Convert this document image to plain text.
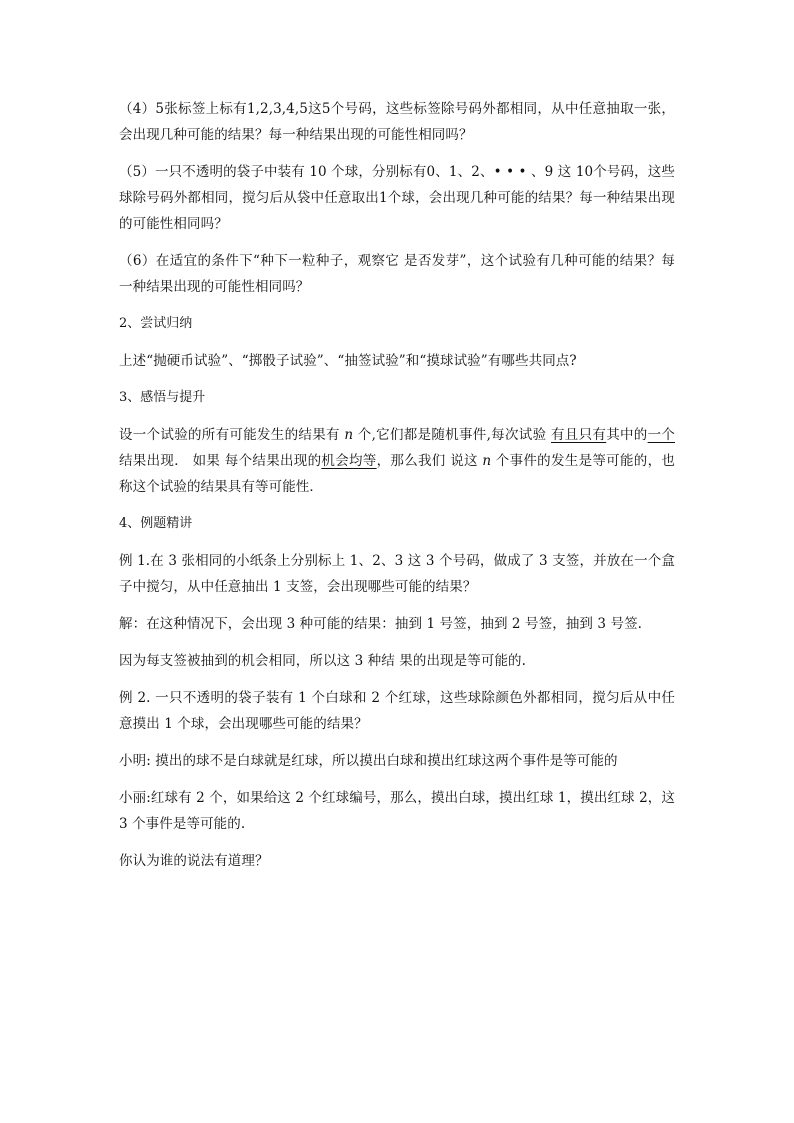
（4）5张标签上标有1,2,3,4,5这5个号码，这些标签除号码外都相同，从中任意抽取一张，会出现几种可能的结果？每一种结果出现的可能性相同吗？

（5）一只不透明的袋子中装有 10 个球，分别标有0、1、2、• • • 、9 这 10个号码，这些球除号码外都相同，搅匀后从袋中任意取出1个球，会出现几种可能的结果？每一种结果出现的可能性相同吗？

（6）在适宜的条件下“种下一粒种子，观察它 是否发芽”，这个试验有几种可能的结果？每一种结果出现的可能性相同吗？

2、尝试归纳

上述“抛硬币试验”、“掷骰子试验”、“抽签试验”和“摸球试验”有哪些共同点?

3、感悟与提升

设一个试验的所有可能发生的结果有 n 个,它们都是随机事件,每次试验 有且只有其中的一个结果出现． 如果 每个结果出现的机会均等，那么我们 说这 n 个事件的发生是等可能的，也 称这个试验的结果具有等可能性．

4、例题精讲

例 1.在 3 张相同的小纸条上分别标上 1、2、3 这 3 个号码，做成了 3 支签，并放在一个盒子中搅匀，从中任意抽出 1 支签，会出现哪些可能的结果？

解：在这种情况下，会出现 3 种可能的结果：抽到 1 号签，抽到 2 号签，抽到 3 号签.

因为每支签被抽到的机会相同，所以这 3 种结 果的出现是等可能的.

例 2. 一只不透明的袋子装有 1 个白球和 2 个红球，这些球除颜色外都相同，搅匀后从中任意摸出 1 个球，会出现哪些可能的结果？

小明: 摸出的球不是白球就是红球，所以摸出白球和摸出红球这两个事件是等可能的

小丽:红球有 2 个，如果给这 2 个红球编号，那么，摸出白球，摸出红球 1，摸出红球 2，这 3 个事件是等可能的.

你认为谁的说法有道理？
